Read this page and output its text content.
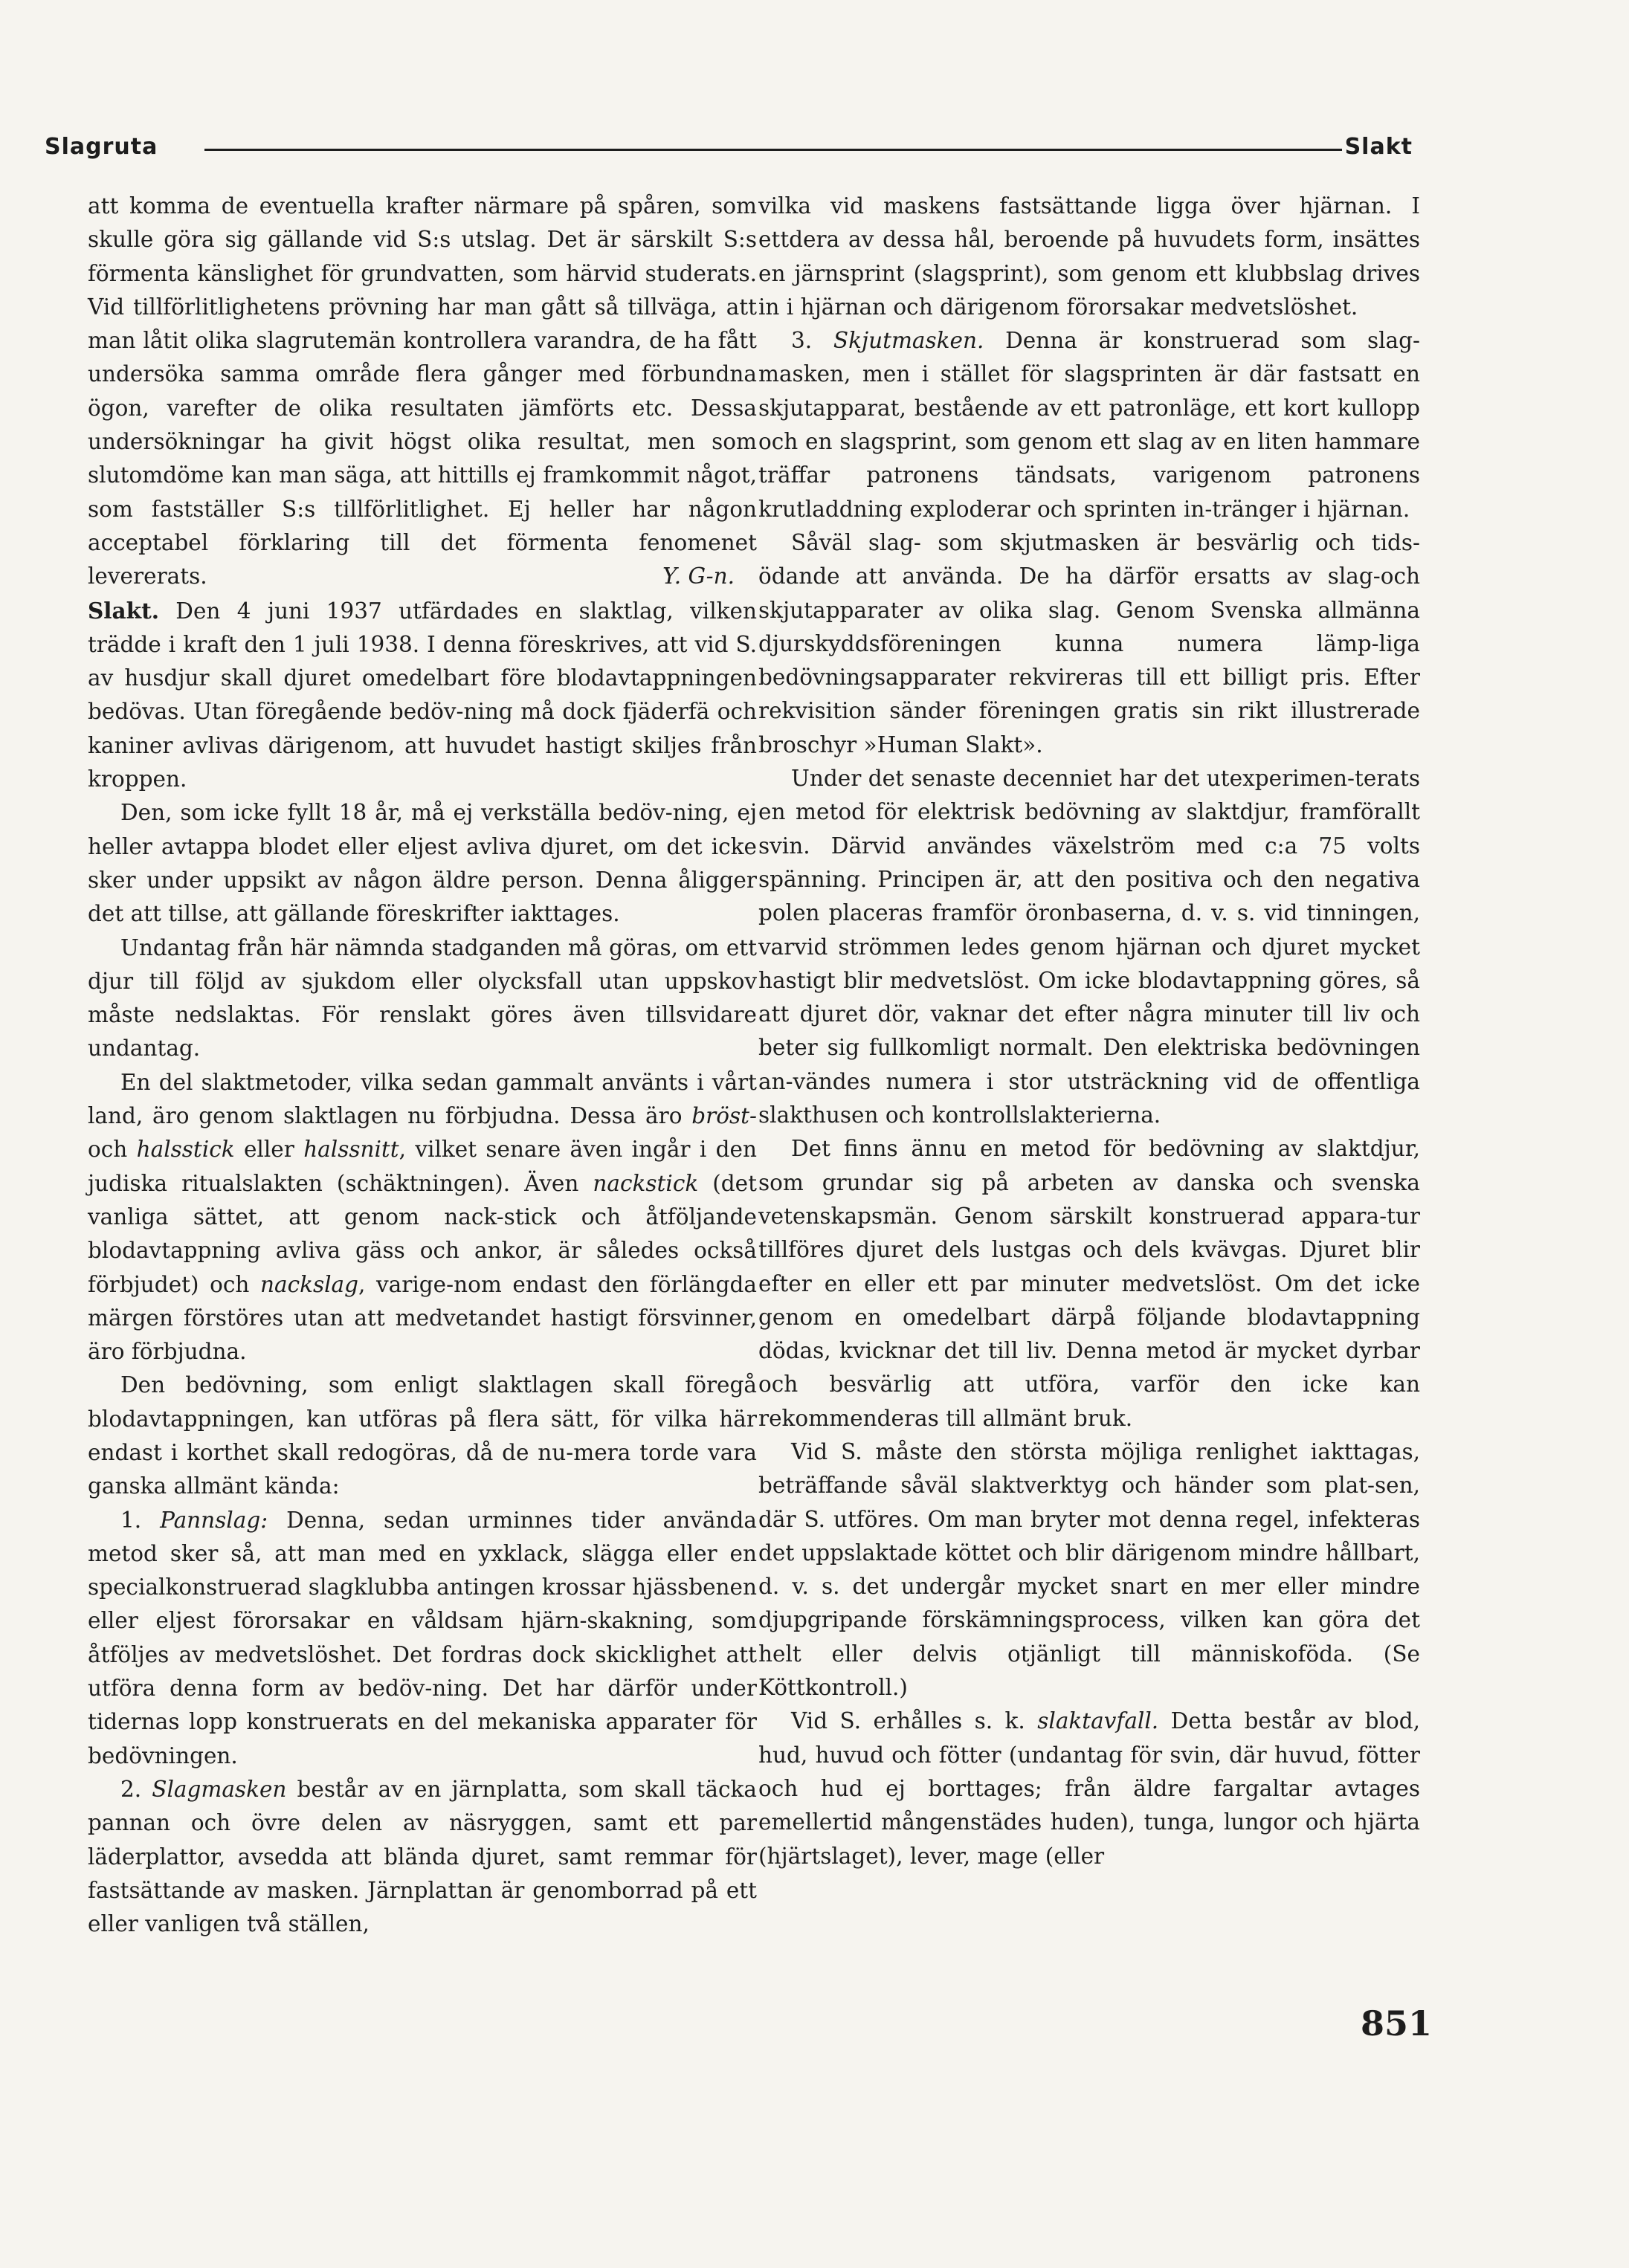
Slagruta	Slakt

att komma de eventuella krafter närmare på spåren, som skulle göra sig gällande vid S:s utslag. Det är särskilt S:s förmenta känslighet för grundvatten, som härvid studerats. Vid tillförlitlighetens prövning har man gått så tillväga, att man låtit olika slagrutemän kontrollera varandra, de ha fått undersöka samma område flera gånger med förbundna ögon, varefter de olika resultaten jämförts etc. Dessa undersökningar ha givit högst olika resultat, men som slutomdöme kan man säga, att hittills ej framkommit något, som fastställer S:s tillförlitlighet. Ej heller har någon acceptabel förklaring till det förmenta fenomenet levererats.	Y. G-n.

Slakt. Den 4 juni 1937 utfärdades en slaktlag, vilken trädde i kraft den 1 juli 1938. I denna föreskrives, att vid S. av husdjur skall djuret omedelbart före blodavtappningen bedövas. Utan föregående bedöv-ning må dock fjäderfä och kaniner avlivas därigenom, att huvudet hastigt skiljes från kroppen.

Den, som icke fyllt 18 år, må ej verkställa bedöv-ning, ej heller avtappa blodet eller eljest avliva djuret, om det icke sker under uppsikt av någon äldre person. Denna åligger det att tillse, att gällande föreskrifter iakttages.

Undantag från här nämnda stadganden må göras, om ett djur till följd av sjukdom eller olycksfall utan uppskov måste nedslaktas. För renslakt göres även tillsvidare undantag.

En del slaktmetoder, vilka sedan gammalt använts i vårt land, äro genom slaktlagen nu förbjudna. Dessa äro bröst- och halsstick eller halssnitt, vilket senare även ingår i den judiska ritualslakten (schäktningen). Även nackstick (det vanliga sättet, att genom nack-stick och åtföljande blodavtappning avliva gäss och ankor, är således också förbjudet) och nackslag, varige-nom endast den förlängda märgen förstöres utan att medvetandet hastigt försvinner, äro förbjudna.

Den bedövning, som enligt slaktlagen skall föregå blodavtappningen, kan utföras på flera sätt, för vilka här endast i korthet skall redogöras, då de nu-mera torde vara ganska allmänt kända:

1. Pannslag: Denna, sedan urminnes tider använda metod sker så, att man med en yxklack, slägga eller en specialkonstruerad slagklubba antingen krossar hjässbenen eller eljest förorsakar en våldsam hjärn-skakning, som åtföljes av medvetslöshet. Det fordras dock skicklighet att utföra denna form av bedöv-ning. Det har därför under tidernas lopp konstruerats en del mekaniska apparater för bedövningen.

2. Slagmasken består av en järnplatta, som skall täcka pannan och övre delen av näsryggen, samt ett par läderplattor, avsedda att blända djuret, samt remmar för fastsättande av masken. Järnplattan är genomborrad på ett eller vanligen två ställen,

vilka vid maskens fastsättande ligga över hjärnan. I ettdera av dessa hål, beroende på huvudets form, insättes en järnsprint (slagsprint), som genom ett klubbslag drives in i hjärnan och därigenom förorsakar medvetslöshet.

3. Skjutmasken. Denna är konstruerad som slag-masken, men i stället för slagsprinten är där fastsatt en skjutapparat, bestående av ett patronläge, ett kort kullopp och en slagsprint, som genom ett slag av en liten hammare träffar patronens tändsats, varigenom patronens krutladdning exploderar och sprinten in-tränger i hjärnan.

Såväl slag- som skjutmasken är besvärlig och tids-ödande att använda. De ha därför ersatts av slag-och skjutapparater av olika slag. Genom Svenska allmänna djurskyddsföreningen kunna numera lämp-liga bedövningsapparater rekvireras till ett billigt pris. Efter rekvisition sänder föreningen gratis sin rikt illustrerade broschyr »Human Slakt».

Under det senaste decenniet har det utexperimen-terats en metod för elektrisk bedövning av slaktdjur, framförallt svin. Därvid användes växelström med c:a 75 volts spänning. Principen är, att den positiva och den negativa polen placeras framför öronbaserna, d. v. s. vid tinningen, varvid strömmen ledes genom hjärnan och djuret mycket hastigt blir medvetslöst. Om icke blodavtappning göres, så att djuret dör, vaknar det efter några minuter till liv och beter sig fullkomligt normalt. Den elektriska bedövningen an-vändes numera i stor utsträckning vid de offentliga slakthusen och kontrollslakterierna.

Det finns ännu en metod för bedövning av slaktdjur, som grundar sig på arbeten av danska och svenska vetenskapsmän. Genom särskilt konstruerad appara-tur tillföres djuret dels lustgas och dels kvävgas. Djuret blir efter en eller ett par minuter medvetslöst. Om det icke genom en omedelbart därpå följande blodavtappning dödas, kvicknar det till liv. Denna metod är mycket dyrbar och besvärlig att utföra, varför den icke kan rekommenderas till allmänt bruk.

Vid S. måste den största möjliga renlighet iakttagas, beträffande såväl slaktverktyg och händer som plat-sen, där S. utföres. Om man bryter mot denna regel, infekteras det uppslaktade köttet och blir därigenom mindre hållbart, d. v. s. det undergår mycket snart en mer eller mindre djupgripande förskämningsprocess, vilken kan göra det helt eller delvis otjänligt till människoföda. (Se Köttkontroll.)

Vid S. erhålles s. k. slaktavfall. Detta består av blod, hud, huvud och fötter (undantag för svin, där huvud, fötter och hud ej borttages; från äldre fargaltar avtages emellertid mångenstädes huden), tunga, lungor och hjärta (hjärtslaget), lever, mage (eller

851
